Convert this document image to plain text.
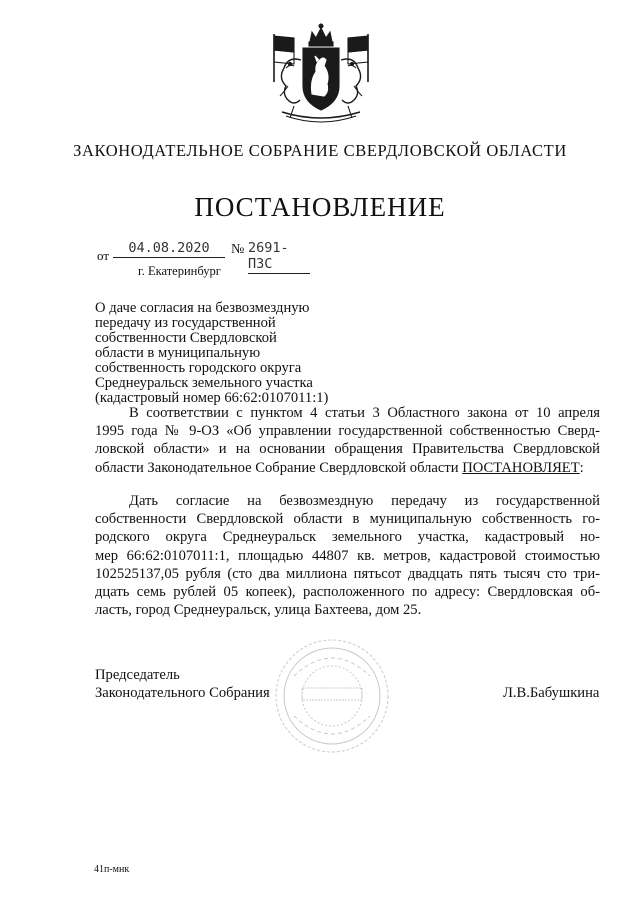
ЗАКОНОДАТЕЛЬНОЕ СОБРАНИЕ СВЕРДЛОВСКОЙ ОБЛАСТИ
ПОСТАНОВЛЕНИЕ
от	04.08.2020	№ 2691-ПЗС
г. Екатеринбург
О даче согласия на безвозмездную
передачу из государственной
собственности Свердловской
области в муниципальную
собственность городского округа
Среднеуральск земельного участка
(кадастровый номер 66:62:0107011:1)
В соответствии с пунктом 4 статьи 3 Областного закона от 10 апреля
1995 года № 9-ОЗ «Об управлении государственной собственностью Сверд-
ловской области» и на основании обращения Правительства Свердловской
области Законодательное Собрание Свердловской области ПОСТАНОВЛЯЕТ:
Дать согласие на безвозмездную передачу из государственной
собственности Свердловской области в муниципальную собственность го-
родского округа Среднеуральск земельного участка, кадастровый но-
мер 66:62:0107011:1, площадью 44807 кв. метров, кадастровой стоимостью
102525137,05 рубля (сто два миллиона пятьсот двадцать пять тысяч сто три-
дцать семь рублей 05 копеек), расположенного по адресу: Свердловская об-
ласть, город Среднеуральск, улица Бахтеева, дом 25.
Председатель
Законодательного Собрания	Л.В.Бабушкина
41п-мнк
